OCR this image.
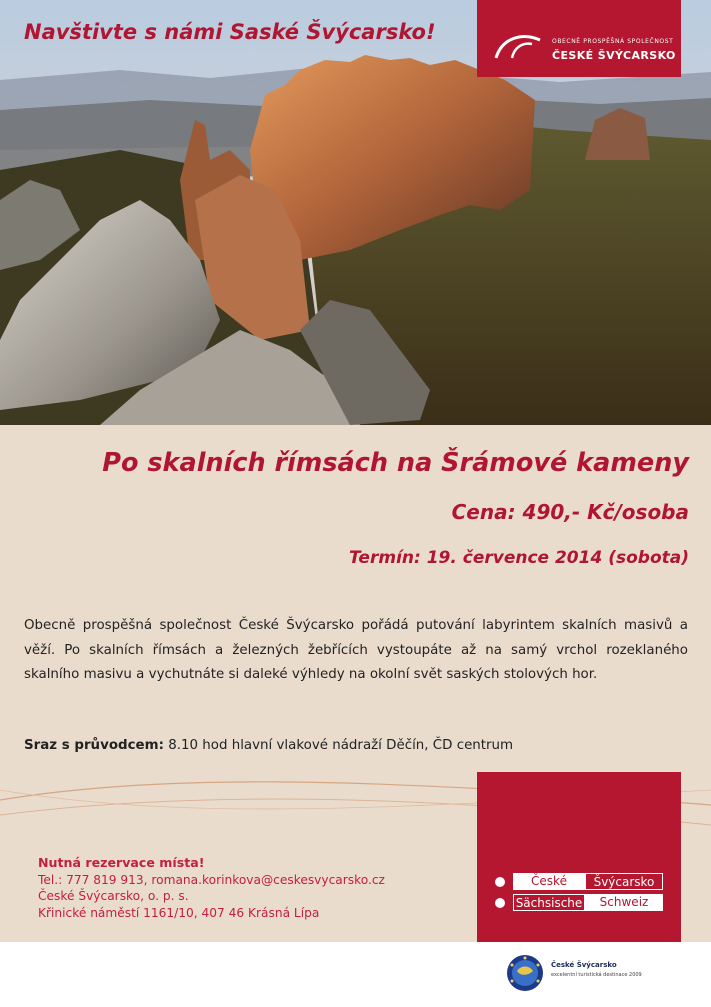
Navštivte s námi Saské Švýcarsko!	OBECNĚ PROSPĚŠNÁ SPOLEČNOST
ČESKÉ ŠVÝCARSKO
Po skalních římsách na Šrámové kameny
Cena: 490,- Kč/osoba
Termín: 19. července 2014 (sobota)

Obecně prospěšná společnost České Švýcarsko pořádá putování labyrintem skalních masivů a věží. Po skalních římsách a železných žebřících vystoupáte až na samý vrchol rozeklaného skalního masivu a vychutnáte si daleké výhledy na okolní svět saských stolových hor.

Sraz s průvodcem: 8.10 hod hlavní vlakové nádraží Děčín, ČD centrum
České	Švýcarsko
Sächsische	Schweiz
Nutná rezervace místa!
Tel.: 777 819 913, romana.korinkova@ceskesvycarsko.cz
České Švýcarsko, o. p. s.
Křinické náměstí 1161/10, 407 46 Krásná Lípa
České Švýcarsko
excelentní turistická destinace 2009
